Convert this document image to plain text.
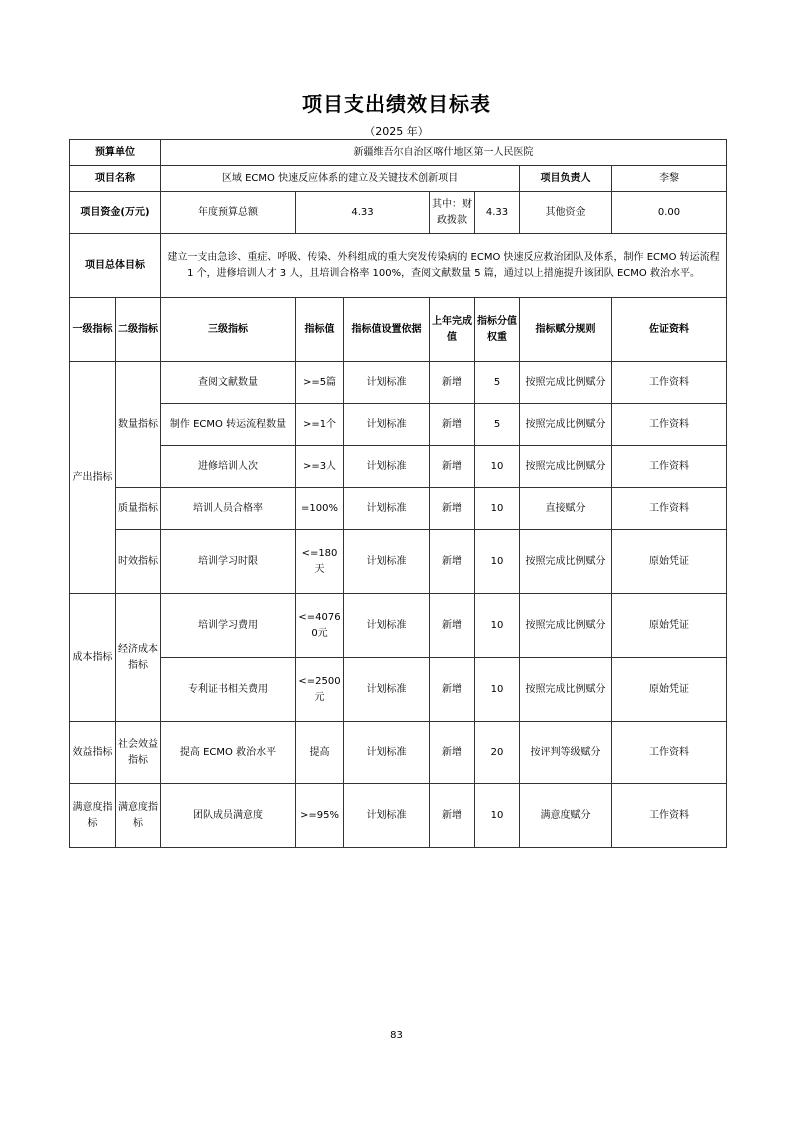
项目支出绩效目标表
（2025 年）
预算单位		新疆维吾尔自治区喀什地区第一人民医院						
项目名称		区域 ECMO 快速反应体系的建立及关键技术创新项目					项目负责人	李黎
项目资金(万元)		年度预算总额	4.33		其中：财政拨款	4.33	其他资金	0.00
项目总体目标		建立一支由急诊、重症、呼吸、传染、外科组成的重大突发传染病的 ECMO 快速反应救治团队及体系，制作 ECMO 转运流程 1 个，进修培训人才 3 人，且培训合格率 100%，查阅文献数量 5 篇，通过以上措施提升该团队 ECMO 救治水平。						
一级指标	二级指标	三级指标	指标值	指标值设置依据	上年完成值	指标分值权重	指标赋分规则	佐证资料
产出指标	数量指标	查阅文献数量	>=5篇	计划标准	新增	5	按照完成比例赋分	工作资料
		制作 ECMO 转运流程数量	>=1个	计划标准	新增	5	按照完成比例赋分	工作资料
		进修培训人次	>=3人	计划标准	新增	10	按照完成比例赋分	工作资料
	质量指标	培训人员合格率	=100%	计划标准	新增	10	直接赋分	工作资料
	时效指标	培训学习时限	<=180天	计划标准	新增	10	按照完成比例赋分	原始凭证
成本指标	经济成本指标	培训学习费用	<=40760元	计划标准	新增	10	按照完成比例赋分	原始凭证
		专利证书相关费用	<=2500元	计划标准	新增	10	按照完成比例赋分	原始凭证
效益指标	社会效益指标	提高 ECMO 救治水平	提高	计划标准	新增	20	按评判等级赋分	工作资料
满意度指标	满意度指标	团队成员满意度	>=95%	计划标准	新增	10	满意度赋分	工作资料
83
